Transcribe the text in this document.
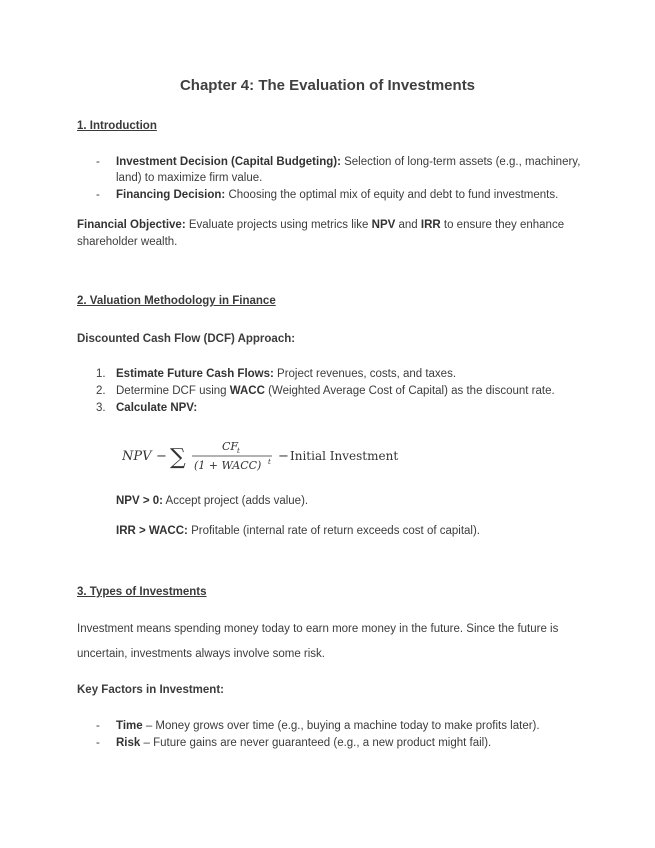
Chapter 4: The Evaluation of Investments
1. Introduction
- Investment Decision (Capital Budgeting): Selection of long-term assets (e.g., machinery, land) to maximize firm value.
- Financing Decision: Choosing the optimal mix of equity and debt to fund investments.
Financial Objective: Evaluate projects using metrics like NPV and IRR to ensure they enhance shareholder wealth.
2. Valuation Methodology in Finance
Discounted Cash Flow (DCF) Approach:
1. Estimate Future Cash Flows: Project revenues, costs, and taxes.
2. Determine DCF using WACC (Weighted Average Cost of Capital) as the discount rate.
3. Calculate NPV:
NPV − ∑	CF
t
(1 + WACC) t − Initial Investment
NPV > 0: Accept project (adds value).
IRR > WACC: Profitable (internal rate of return exceeds cost of capital).
3. Types of Investments
Investment means spending money today to earn more money in the future. Since the future is
uncertain, investments always involve some risk.
Key Factors in Investment:
- Time – Money grows over time (e.g., buying a machine today to make profits later).
- Risk – Future gains are never guaranteed (e.g., a new product might fail).
